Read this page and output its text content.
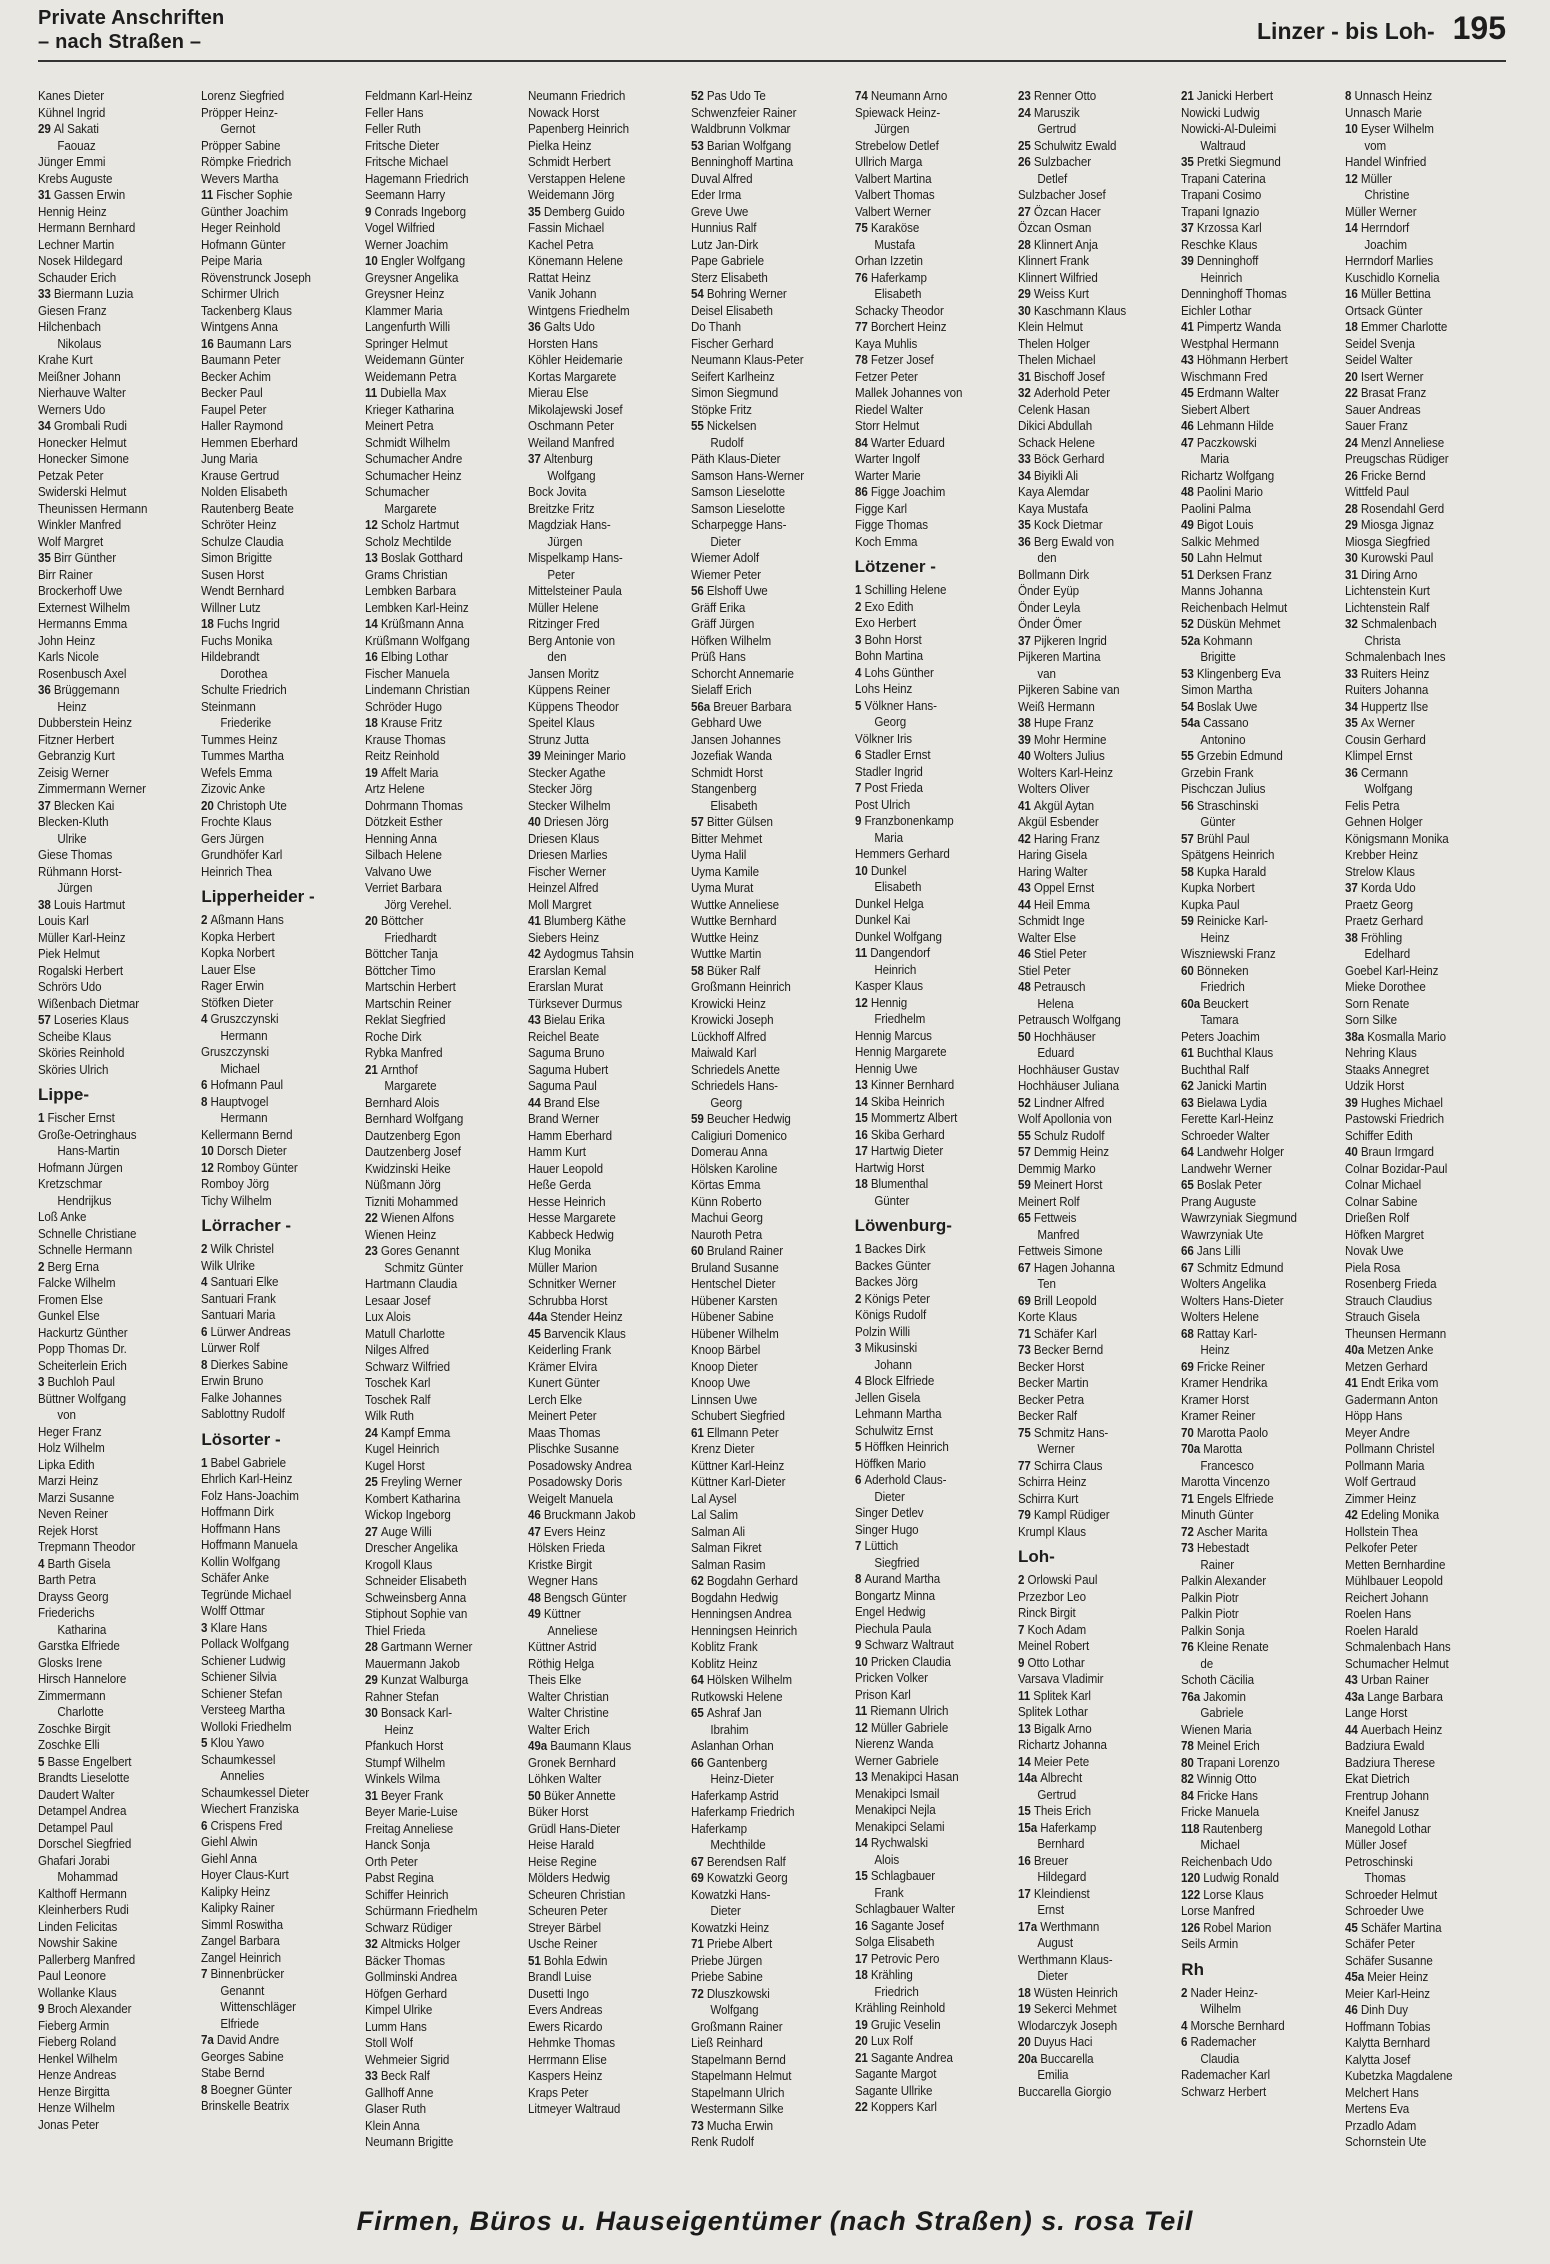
Private Anschriften
– nach Straßen –	Linzer - bis Loh- 195
Kanes Dieter
Kühnel Ingrid
29 Al Sakati
Faouaz
Jünger Emmi
Krebs Auguste
31 Gassen Erwin
Hennig Heinz
Hermann Bernhard
Lechner Martin
Nosek Hildegard
Schauder Erich
33 Biermann Luzia
Giesen Franz
Hilchenbach
Nikolaus
Krahe Kurt
Meißner Johann
Nierhauve Walter
Werners Udo
34 Grombali Rudi
Honecker Helmut
Honecker Simone
Petzak Peter
Swiderski Helmut
Theunissen Hermann
Winkler Manfred
Wolf Margret
35 Birr Günther
Birr Rainer
Brockerhoff Uwe
Externest Wilhelm
Hermanns Emma
John Heinz
Karls Nicole
Rosenbusch Axel
36 Brüggemann
Heinz
Dubberstein Heinz
Fitzner Herbert
Gebranzig Kurt
Zeisig Werner
Zimmermann Werner
37 Blecken Kai
Blecken-Kluth
Ulrike
Giese Thomas
Rühmann Horst-
Jürgen
38 Louis Hartmut
Louis Karl
Müller Karl-Heinz
Piek Helmut
Rogalski Herbert
Schrörs Udo
Wißenbach Dietmar
57 Loseries Klaus
Scheibe Klaus
Sköries Reinhold
Sköries Ulrich
Lippe-
1 Fischer Ernst
Große-Oetringhaus
Hans-Martin
Hofmann Jürgen
Kretzschmar
Hendrijkus
Loß Anke
Schnelle Christiane
Schnelle Hermann
2 Berg Erna
Falcke Wilhelm
Fromen Else
Gunkel Else
Hackurtz Günther
Popp Thomas Dr.
Scheiterlein Erich
3 Buchloh Paul
Büttner Wolfgang
von
Heger Franz
Holz Wilhelm
Lipka Edith
Marzi Heinz
Marzi Susanne
Neven Reiner
Rejek Horst
Trepmann Theodor
4 Barth Gisela
Barth Petra
Drayss Georg
Friederichs
Katharina
Garstka Elfriede
Glosks Irene
Hirsch Hannelore
Zimmermann
Charlotte
Zoschke Birgit
Zoschke Elli
5 Basse Engelbert
Brandts Lieselotte
Daudert Walter
Detampel Andrea
Detampel Paul
Dorschel Siegfried
Ghafari Jorabi
Mohammad
Kalthoff Hermann
Kleinherbers Rudi
Linden Felicitas
Nowshir Sakine
Pallerberg Manfred
Paul Leonore
Wollanke Klaus
9 Broch Alexander
Fieberg Armin
Fieberg Roland
Henkel Wilhelm
Henze Andreas
Henze Birgitta
Henze Wilhelm
Jonas Peter
Lorenz Siegfried
Pröpper Heinz-
Gernot
Pröpper Sabine
Römpke Friedrich
Wevers Martha
11 Fischer Sophie
Günther Joachim
Heger Reinhold
Hofmann Günter
Peipe Maria
Rövenstrunck Joseph
Schirmer Ulrich
Tackenberg Klaus
Wintgens Anna
16 Baumann Lars
Baumann Peter
Becker Achim
Becker Paul
Faupel Peter
Haller Raymond
Hemmen Eberhard
Jung Maria
Krause Gertrud
Nolden Elisabeth
Rautenberg Beate
Schröter Heinz
Schulze Claudia
Simon Brigitte
Susen Horst
Wendt Bernhard
Willner Lutz
18 Fuchs Ingrid
Fuchs Monika
Hildebrandt
Dorothea
Schulte Friedrich
Steinmann
Friederike
Tummes Heinz
Tummes Martha
Wefels Emma
Zizovic Anke
20 Christoph Ute
Frochte Klaus
Gers Jürgen
Grundhöfer Karl
Heinrich Thea
Lipperheider -
2 Aßmann Hans
Kopka Herbert
Kopka Norbert
Lauer Else
Rager Erwin
Stöfken Dieter
4 Gruszczynski
Hermann
Gruszczynski
Michael
6 Hofmann Paul
8 Hauptvogel
Hermann
Kellermann Bernd
10 Dorsch Dieter
12 Romboy Günter
Romboy Jörg
Tichy Wilhelm
Lörracher -
2 Wilk Christel
Wilk Ulrike
4 Santuari Elke
Santuari Frank
Santuari Maria
6 Lürwer Andreas
Lürwer Rolf
8 Dierkes Sabine
Erwin Bruno
Falke Johannes
Sablottny Rudolf
Lösorter -
1 Babel Gabriele
Ehrlich Karl-Heinz
Folz Hans-Joachim
Hoffmann Dirk
Hoffmann Hans
Hoffmann Manuela
Kollin Wolfgang
Schäfer Anke
Tegründe Michael
Wolff Ottmar
3 Klare Hans
Pollack Wolfgang
Schiener Ludwig
Schiener Silvia
Schiener Stefan
Versteeg Martha
Wolloki Friedhelm
5 Klou Yawo
Schaumkessel
Annelies
Schaumkessel Dieter
Wiechert Franziska
6 Crispens Fred
Giehl Alwin
Giehl Anna
Hoyer Claus-Kurt
Kalipky Heinz
Kalipky Rainer
Simml Roswitha
Zangel Barbara
Zangel Heinrich
7 Binnenbrücker
Genannt
Wittenschläger
Elfriede
7a David Andre
Georges Sabine
Stabe Bernd
8 Boegner Günter
Brinskelle Beatrix
Feldmann Karl-Heinz
Feller Hans
Feller Ruth
Fritsche Dieter
Fritsche Michael
Hagemann Friedrich
Seemann Harry
9 Conrads Ingeborg
Vogel Wilfried
Werner Joachim
10 Engler Wolfgang
Greysner Angelika
Greysner Heinz
Klammer Maria
Langenfurth Willi
Springer Helmut
Weidemann Günter
Weidemann Petra
11 Dubiella Max
Krieger Katharina
Meinert Petra
Schmidt Wilhelm
Schumacher Andre
Schumacher Heinz
Schumacher
Margarete
12 Scholz Hartmut
Scholz Mechtilde
13 Boslak Gotthard
Grams Christian
Lembken Barbara
Lembken Karl-Heinz
14 Krüßmann Anna
Krüßmann Wolfgang
16 Elbing Lothar
Fischer Manuela
Lindemann Christian
Schröder Hugo
18 Krause Fritz
Krause Thomas
Reitz Reinhold
19 Affelt Maria
Artz Helene
Dohrmann Thomas
Dötzkeit Esther
Henning Anna
Silbach Helene
Valvano Uwe
Verriet Barbara
Jörg Verehel.
20 Böttcher
Friedhardt
Böttcher Tanja
Böttcher Timo
Martschin Herbert
Martschin Reiner
Reklat Siegfried
Roche Dirk
Rybka Manfred
21 Arnthof
Margarete
Bernhard Alois
Bernhard Wolfgang
Dautzenberg Egon
Dautzenberg Josef
Kwidzinski Heike
Nüßmann Jörg
Tizniti Mohammed
22 Wienen Alfons
Wienen Heinz
23 Gores Genannt
Schmitz Günter
Hartmann Claudia
Lesaar Josef
Lux Alois
Matull Charlotte
Nilges Alfred
Schwarz Wilfried
Toschek Karl
Toschek Ralf
Wilk Ruth
24 Kampf Emma
Kugel Heinrich
Kugel Horst
25 Freyling Werner
Kombert Katharina
Wickop Ingeborg
27 Auge Willi
Drescher Angelika
Krogoll Klaus
Schneider Elisabeth
Schweinsberg Anna
Stiphout Sophie van
Thiel Frieda
28 Gartmann Werner
Mauermann Jakob
29 Kunzat Walburga
Rahner Stefan
30 Bonsack Karl-
Heinz
Pfankuch Horst
Stumpf Wilhelm
Winkels Wilma
31 Beyer Frank
Beyer Marie-Luise
Freitag Anneliese
Hanck Sonja
Orth Peter
Pabst Regina
Schiffer Heinrich
Schürmann Friedhelm
Schwarz Rüdiger
32 Altmicks Holger
Bäcker Thomas
Gollminski Andrea
Höfgen Gerhard
Kimpel Ulrike
Lumm Hans
Stoll Wolf
Wehmeier Sigrid
33 Beck Ralf
Gallhoff Anne
Glaser Ruth
Klein Anna
Neumann Brigitte
Neumann Friedrich
Nowack Horst
Papenberg Heinrich
Pielka Heinz
Schmidt Herbert
Verstappen Helene
Weidemann Jörg
35 Demberg Guido
Fassin Michael
Kachel Petra
Könemann Helene
Rattat Heinz
Vanik Johann
Wintgens Friedhelm
36 Galts Udo
Horsten Hans
Köhler Heidemarie
Kortas Margarete
Mierau Else
Mikolajewski Josef
Oschmann Peter
Weiland Manfred
37 Altenburg
Wolfgang
Bock Jovita
Breitzke Fritz
Magdziak Hans-
Jürgen
Mispelkamp Hans-
Peter
Mittelsteiner Paula
Müller Helene
Ritzinger Fred
Berg Antonie von
den
Jansen Moritz
Küppens Reiner
Küppens Theodor
Speitel Klaus
Strunz Jutta
39 Meininger Mario
Stecker Agathe
Stecker Jörg
Stecker Wilhelm
40 Driesen Jörg
Driesen Klaus
Driesen Marlies
Fischer Werner
Heinzel Alfred
Moll Margret
41 Blumberg Käthe
Siebers Heinz
42 Aydogmus Tahsin
Erarslan Kemal
Erarslan Murat
Türksever Durmus
43 Bielau Erika
Reichel Beate
Saguma Bruno
Saguma Hubert
Saguma Paul
44 Brand Else
Brand Werner
Hamm Eberhard
Hamm Kurt
Hauer Leopold
Heße Gerda
Hesse Heinrich
Hesse Margarete
Kabbeck Hedwig
Klug Monika
Müller Marion
Schnitker Werner
Schrubba Horst
44a Stender Heinz
45 Barvencik Klaus
Keiderling Frank
Krämer Elvira
Kunert Günter
Lerch Elke
Meinert Peter
Maas Thomas
Plischke Susanne
Posadowsky Andrea
Posadowsky Doris
Weigelt Manuela
46 Bruckmann Jakob
47 Evers Heinz
Hölsken Frieda
Kristke Birgit
Wegner Hans
48 Bengsch Günter
49 Küttner
Anneliese
Küttner Astrid
Röthig Helga
Theis Elke
Walter Christian
Walter Christine
Walter Erich
49a Baumann Klaus
Gronek Bernhard
Löhken Walter
50 Büker Annette
Büker Horst
Grüdl Hans-Dieter
Heise Harald
Heise Regine
Mölders Hedwig
Scheuren Christian
Scheuren Peter
Streyer Bärbel
Usche Reiner
51 Bohla Edwin
Brandl Luise
Dusetti Ingo
Evers Andreas
Ewers Ricardo
Hehmke Thomas
Herrmann Elise
Kaspers Heinz
Kraps Peter
Litmeyer Waltraud
52 Pas Udo Te
Schwenzfeier Rainer
Waldbrunn Volkmar
53 Barian Wolfgang
Benninghoff Martina
Duval Alfred
Eder Irma
Greve Uwe
Hunnius Ralf
Lutz Jan-Dirk
Pape Gabriele
Sterz Elisabeth
54 Bohring Werner
Deisel Elisabeth
Do Thanh
Fischer Gerhard
Neumann Klaus-Peter
Seifert Karlheinz
Simon Siegmund
Stöpke Fritz
55 Nickelsen
Rudolf
Päth Klaus-Dieter
Samson Hans-Werner
Samson Lieselotte
Samson Lieselotte
Scharpegge Hans-
Dieter
Wiemer Adolf
Wiemer Peter
56 Elshoff Uwe
Gräff Erika
Gräff Jürgen
Höfken Wilhelm
Prüß Hans
Schorcht Annemarie
Sielaff Erich
56a Breuer Barbara
Gebhard Uwe
Jansen Johannes
Jozefiak Wanda
Schmidt Horst
Stangenberg
Elisabeth
57 Bitter Gülsen
Bitter Mehmet
Uyma Halil
Uyma Kamile
Uyma Murat
Wuttke Anneliese
Wuttke Bernhard
Wuttke Heinz
Wuttke Martin
58 Büker Ralf
Großmann Heinrich
Krowicki Heinz
Krowicki Joseph
Lückhoff Alfred
Maiwald Karl
Schriedels Anette
Schriedels Hans-
Georg
59 Beucher Hedwig
Caligiuri Domenico
Domerau Anna
Hölsken Karoline
Körtas Emma
Künn Roberto
Machui Georg
Nauroth Petra
60 Bruland Rainer
Bruland Susanne
Hentschel Dieter
Hübener Karsten
Hübener Sabine
Hübener Wilhelm
Knoop Bärbel
Knoop Dieter
Knoop Uwe
Linnsen Uwe
Schubert Siegfried
61 Ellmann Peter
Krenz Dieter
Küttner Karl-Heinz
Küttner Karl-Dieter
Lal Aysel
Lal Salim
Salman Ali
Salman Fikret
Salman Rasim
62 Bogdahn Gerhard
Bogdahn Hedwig
Henningsen Andrea
Henningsen Heinrich
Koblitz Frank
Koblitz Heinz
64 Hölsken Wilhelm
Rutkowski Helene
65 Ashraf Jan
Ibrahim
Aslanhan Orhan
66 Gantenberg
Heinz-Dieter
Haferkamp Astrid
Haferkamp Friedrich
Haferkamp
Mechthilde
67 Berendsen Ralf
69 Kowatzki Georg
Kowatzki Hans-
Dieter
Kowatzki Heinz
71 Priebe Albert
Priebe Jürgen
Priebe Sabine
72 Dluszkowski
Wolfgang
Großmann Rainer
Ließ Reinhard
Stapelmann Bernd
Stapelmann Helmut
Stapelmann Ulrich
Westermann Silke
73 Mucha Erwin
Renk Rudolf
74 Neumann Arno
Spiewack Heinz-
Jürgen
Strebelow Detlef
Ullrich Marga
Valbert Martina
Valbert Thomas
Valbert Werner
75 Karaköse
Mustafa
Orhan Izzetin
76 Haferkamp
Elisabeth
Schacky Theodor
77 Borchert Heinz
Kaya Muhlis
78 Fetzer Josef
Fetzer Peter
Mallek Johannes von
Riedel Walter
Storr Helmut
84 Warter Eduard
Warter Ingolf
Warter Marie
86 Figge Joachim
Figge Karl
Figge Thomas
Koch Emma
Lötzener -
1 Schilling Helene
2 Exo Edith
Exo Herbert
3 Bohn Horst
Bohn Martina
4 Lohs Günther
Lohs Heinz
5 Völkner Hans-
Georg
Völkner Iris
6 Stadler Ernst
Stadler Ingrid
7 Post Frieda
Post Ulrich
9 Franzbonenkamp
Maria
Hemmers Gerhard
10 Dunkel
Elisabeth
Dunkel Helga
Dunkel Kai
Dunkel Wolfgang
11 Dangendorf
Heinrich
Kasper Klaus
12 Hennig
Friedhelm
Hennig Marcus
Hennig Margarete
Hennig Uwe
13 Kinner Bernhard
14 Skiba Heinrich
15 Mommertz Albert
16 Skiba Gerhard
17 Hartwig Dieter
Hartwig Horst
18 Blumenthal
Günter
Löwenburg-
1 Backes Dirk
Backes Günter
Backes Jörg
2 Königs Peter
Königs Rudolf
Polzin Willi
3 Mikusinski
Johann
4 Block Elfriede
Jellen Gisela
Lehmann Martha
Schulwitz Ernst
5 Höffken Heinrich
Höffken Mario
6 Aderhold Claus-
Dieter
Singer Detlev
Singer Hugo
7 Lüttich
Siegfried
8 Aurand Martha
Bongartz Minna
Engel Hedwig
Piechula Paula
9 Schwarz Waltraut
10 Pricken Claudia
Pricken Volker
Prison Karl
11 Riemann Ulrich
12 Müller Gabriele
Nierenz Wanda
Werner Gabriele
13 Menakipci Hasan
Menakipci Ismail
Menakipci Nejla
Menakipci Selami
14 Rychwalski
Alois
15 Schlagbauer
Frank
Schlagbauer Walter
16 Sagante Josef
Solga Elisabeth
17 Petrovic Pero
18 Krähling
Friedrich
Krähling Reinhold
19 Grujic Veselin
20 Lux Rolf
21 Sagante Andrea
Sagante Margot
Sagante Ullrike
22 Koppers Karl
23 Renner Otto
24 Maruszik
Gertrud
25 Schulwitz Ewald
26 Sulzbacher
Detlef
Sulzbacher Josef
27 Özcan Hacer
Özcan Osman
28 Klinnert Anja
Klinnert Frank
Klinnert Wilfried
29 Weiss Kurt
30 Kaschmann Klaus
Klein Helmut
Thelen Holger
Thelen Michael
31 Bischoff Josef
32 Aderhold Peter
Celenk Hasan
Dikici Abdullah
Schack Helene
33 Böck Gerhard
34 Biyikli Ali
Kaya Alemdar
Kaya Mustafa
35 Kock Dietmar
36 Berg Ewald von
den
Bollmann Dirk
Önder Eyüp
Önder Leyla
Önder Ömer
37 Pijkeren Ingrid
Pijkeren Martina
van
Pijkeren Sabine van
Weiß Hermann
38 Hupe Franz
39 Mohr Hermine
40 Wolters Julius
Wolters Karl-Heinz
Wolters Oliver
41 Akgül Aytan
Akgül Esbender
42 Haring Franz
Haring Gisela
Haring Walter
43 Oppel Ernst
44 Heil Emma
Schmidt Inge
Walter Else
46 Stiel Peter
Stiel Peter
48 Petrausch
Helena
Petrausch Wolfgang
50 Hochhäuser
Eduard
Hochhäuser Gustav
Hochhäuser Juliana
52 Lindner Alfred
Wolf Apollonia von
55 Schulz Rudolf
57 Demmig Heinz
Demmig Marko
59 Meinert Horst
Meinert Rolf
65 Fettweis
Manfred
Fettweis Simone
67 Hagen Johanna
Ten
69 Brill Leopold
Korte Klaus
71 Schäfer Karl
73 Becker Bernd
Becker Horst
Becker Martin
Becker Petra
Becker Ralf
75 Schmitz Hans-
Werner
77 Schirra Claus
Schirra Heinz
Schirra Kurt
79 Kampl Rüdiger
Krumpl Klaus
Loh-
2 Orlowski Paul
Przezbor Leo
Rinck Birgit
7 Koch Adam
Meinel Robert
9 Otto Lothar
Varsava Vladimir
11 Splitek Karl
Splitek Lothar
13 Bigalk Arno
Richartz Johanna
14 Meier Pete
14a Albrecht
Gertrud
15 Theis Erich
15a Haferkamp
Bernhard
16 Breuer
Hildegard
17 Kleindienst
Ernst
17a Werthmann
August
Werthmann Klaus-
Dieter
18 Wüsten Heinrich
19 Sekerci Mehmet
Wlodarczyk Joseph
20 Duyus Haci
20a Buccarella
Emilia
Buccarella Giorgio
21 Janicki Herbert
Nowicki Ludwig
Nowicki-Al-Duleimi
Waltraud
35 Pretki Siegmund
Trapani Caterina
Trapani Cosimo
Trapani Ignazio
37 Krzossa Karl
Reschke Klaus
39 Denninghoff
Heinrich
Denninghoff Thomas
Eichler Lothar
41 Pimpertz Wanda
Westphal Hermann
43 Höhmann Herbert
Wischmann Fred
45 Erdmann Walter
Siebert Albert
46 Lehmann Hilde
47 Paczkowski
Maria
Richartz Wolfgang
48 Paolini Mario
Paolini Palma
49 Bigot Louis
Salkic Mehmed
50 Lahn Helmut
51 Derksen Franz
Manns Johanna
Reichenbach Helmut
52 Düskün Mehmet
52a Kohmann
Brigitte
53 Klingenberg Eva
Simon Martha
54 Boslak Uwe
54a Cassano
Antonino
55 Grzebin Edmund
Grzebin Frank
Pischczan Julius
56 Straschinski
Günter
57 Brühl Paul
Spätgens Heinrich
58 Kupka Harald
Kupka Norbert
Kupka Paul
59 Reinicke Karl-
Heinz
Wiszniewski Franz
60 Bönneken
Friedrich
60a Beuckert
Tamara
Peters Joachim
61 Buchthal Klaus
Buchthal Ralf
62 Janicki Martin
63 Bielawa Lydia
Ferette Karl-Heinz
Schroeder Walter
64 Landwehr Holger
Landwehr Werner
65 Boslak Peter
Prang Auguste
Wawrzyniak Siegmund
Wawrzyniak Ute
66 Jans Lilli
67 Schmitz Edmund
Wolters Angelika
Wolters Hans-Dieter
Wolters Helene
68 Rattay Karl-
Heinz
69 Fricke Reiner
Kramer Hendrika
Kramer Horst
Kramer Reiner
70 Marotta Paolo
70a Marotta
Francesco
Marotta Vincenzo
71 Engels Elfriede
Minuth Günter
72 Ascher Marita
73 Hebestadt
Rainer
Palkin Alexander
Palkin Piotr
Palkin Piotr
Palkin Sonja
76 Kleine Renate
de
Schoth Cäcilia
76a Jakomin
Gabriele
Wienen Maria
78 Meinel Erich
80 Trapani Lorenzo
82 Winnig Otto
84 Fricke Hans
Fricke Manuela
118 Rautenberg
Michael
Reichenbach Udo
120 Ludwig Ronald
122 Lorse Klaus
Lorse Manfred
126 Robel Marion
Seils Armin
Rh
2 Nader Heinz-
Wilhelm
4 Morsche Bernhard
6 Rademacher
Claudia
Rademacher Karl
Schwarz Herbert
8 Unnasch Heinz
Unnasch Marie
10 Eyser Wilhelm
vom
Handel Winfried
12 Müller
Christine
Müller Werner
14 Herrndorf
Joachim
Herrndorf Marlies
Kuschidlo Kornelia
16 Müller Bettina
Ortsack Günter
18 Emmer Charlotte
Seidel Svenja
Seidel Walter
20 Isert Werner
22 Brasat Franz
Sauer Andreas
Sauer Franz
24 Menzl Anneliese
Preugschas Rüdiger
26 Fricke Bernd
Wittfeld Paul
28 Rosendahl Gerd
29 Miosga Jignaz
Miosga Siegfried
30 Kurowski Paul
31 Diring Arno
Lichtenstein Kurt
Lichtenstein Ralf
32 Schmalenbach
Christa
Schmalenbach Ines
33 Ruiters Heinz
Ruiters Johanna
34 Huppertz Ilse
35 Ax Werner
Cousin Gerhard
Klimpel Ernst
36 Cermann
Wolfgang
Felis Petra
Gehnen Holger
Königsmann Monika
Krebber Heinz
Strelow Klaus
37 Korda Udo
Praetz Georg
Praetz Gerhard
38 Fröhling
Edelhard
Goebel Karl-Heinz
Mieke Dorothee
Sorn Renate
Sorn Silke
38a Kosmalla Mario
Nehring Klaus
Staaks Annegret
Udzik Horst
39 Hughes Michael
Pastowski Friedrich
Schiffer Edith
40 Braun Irmgard
Colnar Bozidar-Paul
Colnar Michael
Colnar Sabine
Drießen Rolf
Höfken Margret
Novak Uwe
Piela Rosa
Rosenberg Frieda
Strauch Claudius
Strauch Gisela
Theunsen Hermann
40a Metzen Anke
Metzen Gerhard
41 Endt Erika vom
Gadermann Anton
Höpp Hans
Meyer Andre
Pollmann Christel
Pollmann Maria
Wolf Gertraud
Zimmer Heinz
42 Edeling Monika
Hollstein Thea
Pelkofer Peter
Metten Bernhardine
Mühlbauer Leopold
Reichert Johann
Roelen Hans
Roelen Harald
Schmalenbach Hans
Schumacher Helmut
43 Urban Rainer
43a Lange Barbara
Lange Horst
44 Auerbach Heinz
Badziura Ewald
Badziura Therese
Ekat Dietrich
Frentrup Johann
Kneifel Janusz
Manegold Lothar
Müller Josef
Petroschinski
Thomas
Schroeder Helmut
Schroeder Uwe
45 Schäfer Martina
Schäfer Peter
Schäfer Susanne
45a Meier Heinz
Meier Karl-Heinz
46 Dinh Duy
Hoffmann Tobias
Kalytta Bernhard
Kalytta Josef
Kubetzka Magdalene
Melchert Hans
Mertens Eva
Przadlo Adam
Schornstein Ute
Firmen, Büros u. Hauseigentümer (nach Straßen) s. rosa Teil
